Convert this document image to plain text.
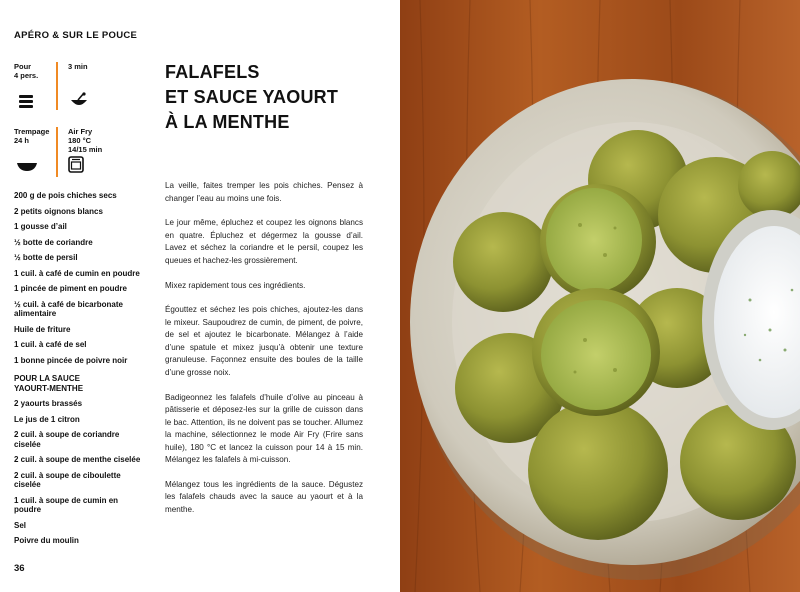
APÉRO & SUR LE POUCE
Pour
4 pers.
3 min
Trempage
24 h
Air Fry
180 °C
14/15 min
200 g de pois chiches secs
2 petits oignons blancs
1 gousse d’ail
½ botte de coriandre
½ botte de persil
1 cuil. à café de cumin en poudre
1 pincée de piment en poudre
½ cuil. à café de bicarbonate alimentaire
Huile de friture
1 cuil. à café de sel
1 bonne pincée de poivre noir
POUR LA SAUCE YAOURT-MENTHE
2 yaourts brassés
Le jus de 1 citron
2 cuil. à soupe de coriandre ciselée
2 cuil. à soupe de menthe ciselée
2 cuil. à soupe de ciboulette ciselée
1 cuil. à soupe de cumin en poudre
Sel
Poivre du moulin
36
FALAFELS
ET SAUCE YAOURT
À LA MENTHE

La veille, faites tremper les pois chiches. Pensez à changer l’eau au moins une fois.

Le jour même, épluchez et coupez les oignons blancs en quatre. Épluchez et dégermez la gousse d’ail. Lavez et séchez la coriandre et le persil, coupez les queues et hachez-les grossièrement.

Mixez rapidement tous ces ingrédients.

Égouttez et séchez les pois chiches, ajoutez-les dans le mixeur. Saupoudrez de cumin, de piment, de poivre, de sel et ajoutez le bicarbonate. Mélangez à l’aide d’une spatule et mixez jusqu’à obtenir une texture granuleuse. Façonnez ensuite des boules de la taille d’une grosse noix.

Badigeonnez les falafels d’huile d’olive au pinceau à pâtisserie et déposez-les sur la grille de cuisson dans le bac. Attention, ils ne doivent pas se toucher. Allumez la machine, sélectionnez le mode Air Fry (Frire sans huile), 180 °C et lancez la cuisson pour 14 à 15 min. Mélangez les falafels à mi-cuisson.

Mélangez tous les ingrédients de la sauce. Dégustez les falafels chauds avec la sauce au yaourt et à la menthe.
